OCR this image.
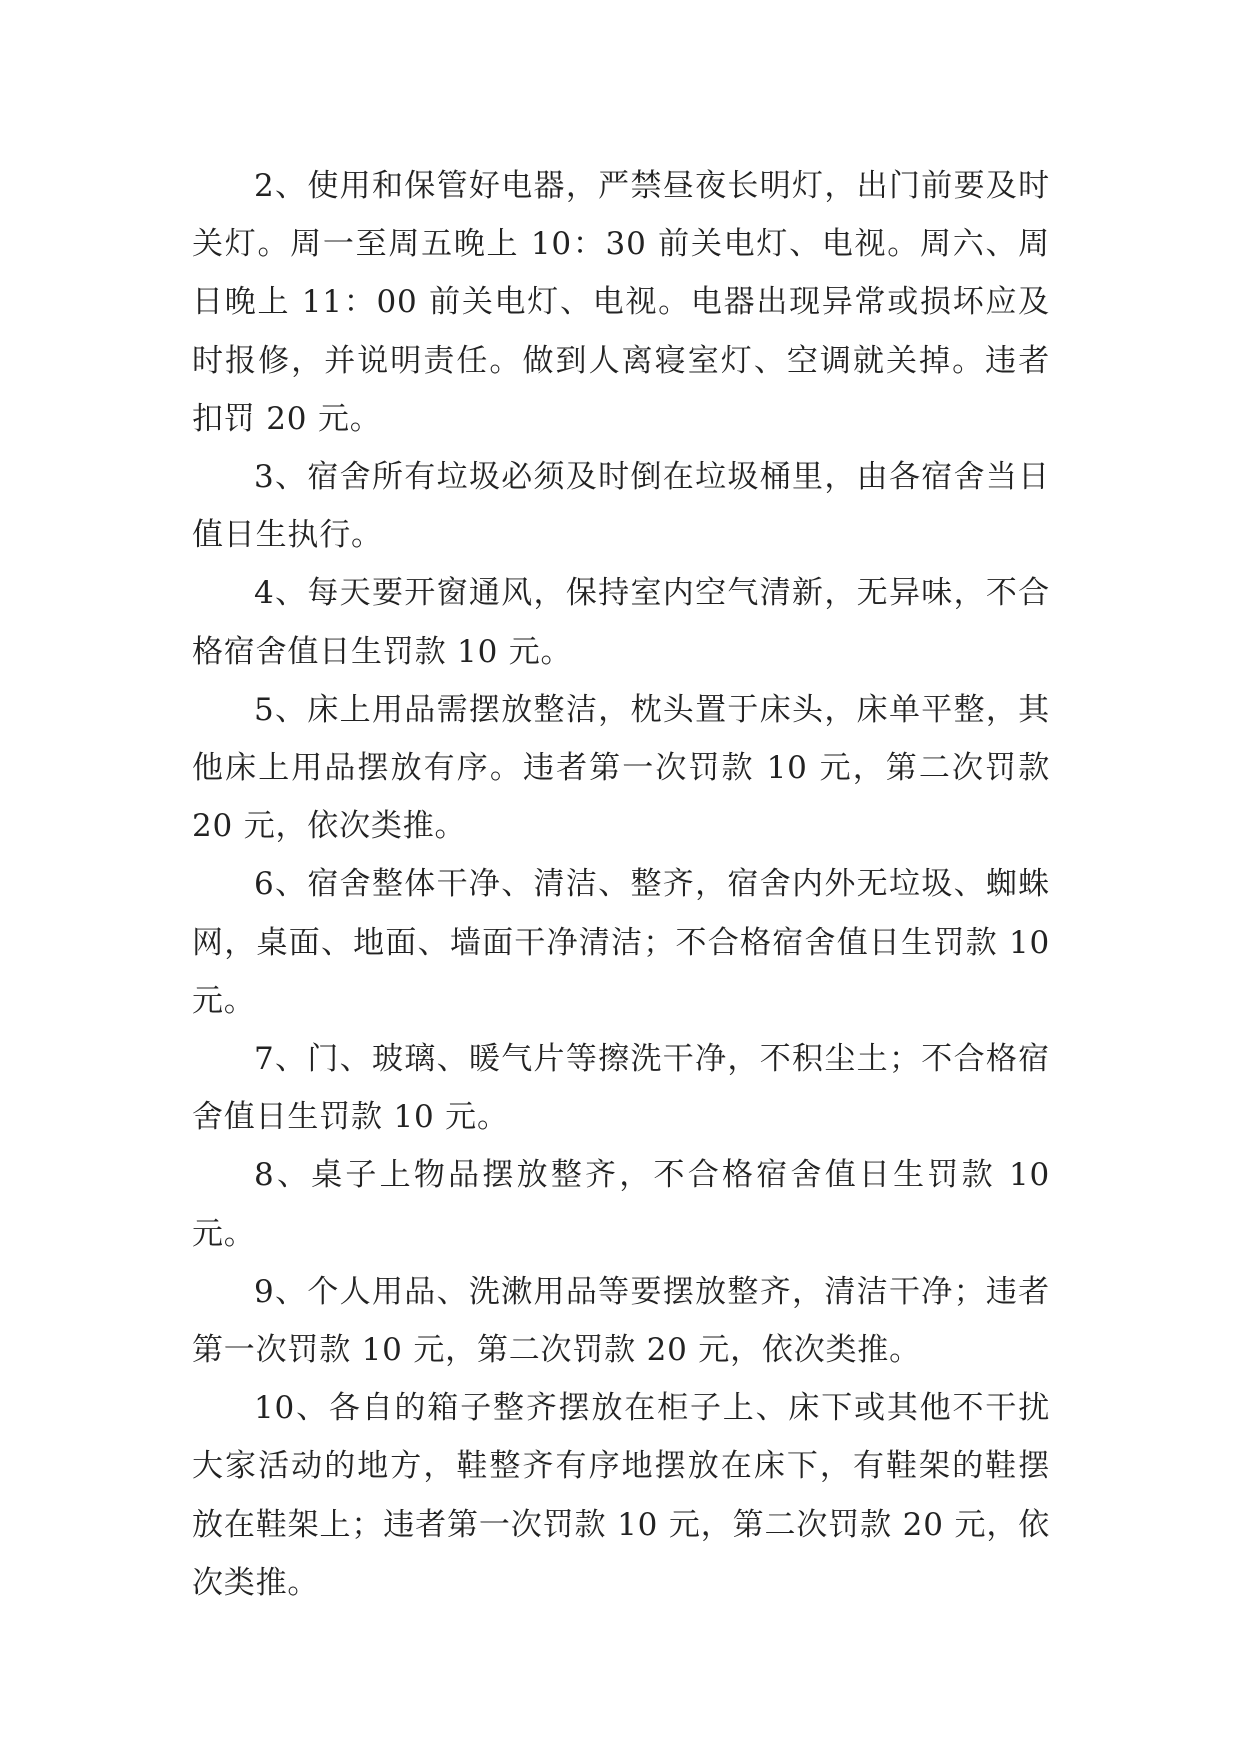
2、使用和保管好电器，严禁昼夜长明灯，出门前要及时关灯。周一至周五晚上 10：30 前关电灯、电视。周六、周日晚上 11：00 前关电灯、电视。电器出现异常或损坏应及时报修，并说明责任。做到人离寝室灯、空调就关掉。违者扣罚 20 元。

3、宿舍所有垃圾必须及时倒在垃圾桶里，由各宿舍当日值日生执行。

4、每天要开窗通风，保持室内空气清新，无异味，不合格宿舍值日生罚款 10 元。

5、床上用品需摆放整洁，枕头置于床头，床单平整，其他床上用品摆放有序。违者第一次罚款 10 元，第二次罚款 20 元，依次类推。

6、宿舍整体干净、清洁、整齐，宿舍内外无垃圾、蜘蛛网，桌面、地面、墙面干净清洁；不合格宿舍值日生罚款 10 元。

7、门、玻璃、暖气片等擦洗干净，不积尘土；不合格宿舍值日生罚款 10 元。

8、桌子上物品摆放整齐，不合格宿舍值日生罚款 10 元。

9、个人用品、洗漱用品等要摆放整齐，清洁干净；违者第一次罚款 10 元，第二次罚款 20 元，依次类推。

10、各自的箱子整齐摆放在柜子上、床下或其他不干扰大家活动的地方，鞋整齐有序地摆放在床下，有鞋架的鞋摆放在鞋架上；违者第一次罚款 10 元，第二次罚款 20 元，依次类推。
